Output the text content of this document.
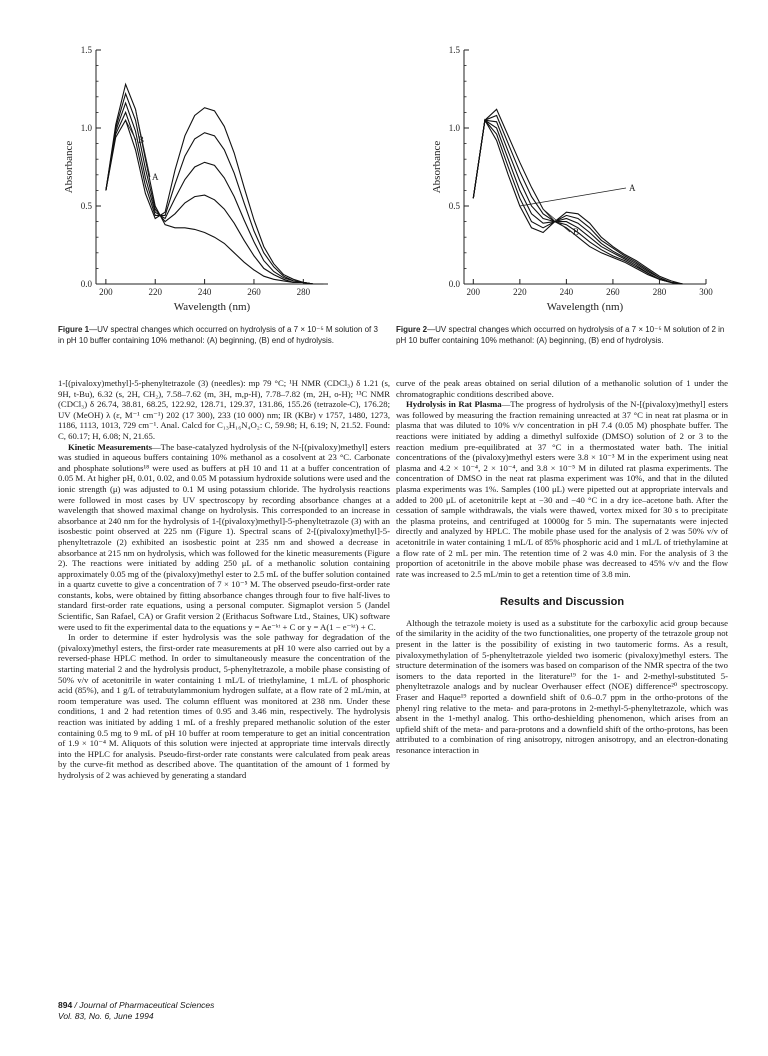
0.0
0.5
1.0
1.5
200	220	240	260	280
Wavelength (nm)
Absorbance	A
B
0.0
0.5
1.0
1.5
200	220	240	260	280	300
Wavelength (nm)
Absorbance	A
B
Figure 1—UV spectral changes which occurred on hydrolysis of a 7 × 10⁻⁵ M solution of 3 in pH 10 buffer containing 10% methanol: (A) beginning, (B) end of hydrolysis.
Figure 2—UV spectral changes which occurred on hydrolysis of a 7 × 10⁻⁵ M solution of 2 in pH 10 buffer containing 10% methanol: (A) beginning, (B) end of hydrolysis.

1-[(pivaloxy)methyl]-5-phenyltetrazole (3) (needles): mp 79 °C; ¹H NMR (CDCl₃) δ 1.21 (s, 9H, t-Bu), 6.32 (s, 2H, CH₂), 7.58–7.62 (m, 3H, m,p-H), 7.78–7.82 (m, 2H, o-H); ¹³C NMR (CDCl₃) δ 26.74, 38.81, 68.25, 122.92, 128.71, 129.37, 131.86, 155.26 (tetrazole-C), 176.28; UV (MeOH) λ (ε, M⁻¹ cm⁻¹) 202 (17 300), 233 (10 000) nm; IR (KBr) ν 1757, 1480, 1273, 1186, 1113, 1013, 729 cm⁻¹. Anal. Calcd for C₁₃H₁₆N₄O₂: C, 59.98; H, 6.19; N, 21.52. Found: C, 60.17; H, 6.08; N, 21.65.

Kinetic Measurements—The base-catalyzed hydrolysis of the N-[(pivaloxy)methyl] esters was studied in aqueous buffers containing 10% methanol as a cosolvent at 23 °C. Carbonate and phosphate solutions¹⁸ were used as buffers at pH 10 and 11 at a buffer concentration of 0.05 M. At higher pH, 0.01, 0.02, and 0.05 M potassium hydroxide solutions were used and the ionic strength (μ) was adjusted to 0.1 M using potassium chloride. The hydrolysis reactions were followed in most cases by UV spectroscopy by recording absorbance changes at a wavelength that showed maximal change on hydrolysis. This corresponded to an increase in absorbance at 240 nm for the hydrolysis of 1-[(pivaloxy)methyl]-5-phenyltetrazole (3) with an isosbestic point observed at 225 nm (Figure 1). Spectral scans of 2-[(pivaloxy)methyl]-5-phenyltetrazole (2) exhibited an isosbestic point at 235 nm and showed a decrease in absorbance at 215 nm on hydrolysis, which was followed for the kinetic measurements (Figure 2). The reactions were initiated by adding 250 μL of a methanolic solution containing approximately 0.05 mg of the (pivaloxy)methyl ester to 2.5 mL of the buffer solution contained in a quartz cuvette to give a concentration of 7 × 10⁻⁵ M. The observed pseudo-first-order rate constants, kobs, were obtained by fitting absorbance changes through four to five half-lives to standard first-order rate equations, using a personal computer. Sigmaplot version 5 (Jandel Scientific, San Rafael, CA) or Grafit version 2 (Erithacus Software Ltd., Staines, UK) software were used to fit the experimental data to the equations y = Ae⁻ᵏᵗ + C or y = A(1 − e⁻ᵏᵗ) + C.

In order to determine if ester hydrolysis was the sole pathway for degradation of the (pivaloxy)methyl esters, the first-order rate measurements at pH 10 were also carried out by a reversed-phase HPLC method. In order to simultaneously measure the concentration of the starting material 2 and the hydrolysis product, 5-phenyltetrazole, a mobile phase consisting of 50% v/v of acetonitrile in water containing 1 mL/L of triethylamine, 1 mL/L of phosphoric acid (85%), and 1 g/L of tetrabutylammonium hydrogen sulfate, at a flow rate of 2 mL/min, at room temperature was used. The column effluent was monitored at 238 nm. Under these conditions, 1 and 2 had retention times of 0.95 and 3.46 min, respectively. The hydrolysis reaction was initiated by adding 1 mL of a freshly prepared methanolic solution of the ester containing 0.5 mg to 9 mL of pH 10 buffer at room temperature to get an initial concentration of 1.9 × 10⁻⁴ M. Aliquots of this solution were injected at appropriate time intervals directly into the HPLC for analysis. Pseudo-first-order rate constants were calculated from peak areas by the curve-fit method as described above. The quantitation of the amount of 1 formed by hydrolysis of 2 was achieved by generating a standard

curve of the peak areas obtained on serial dilution of a methanolic solution of 1 under the chromatographic conditions described above.

Hydrolysis in Rat Plasma—The progress of hydrolysis of the N-[(pivaloxy)methyl] esters was followed by measuring the fraction remaining unreacted at 37 °C in neat rat plasma or in plasma that was diluted to 10% v/v concentration in pH 7.4 (0.05 M) phosphate buffer. The reactions were initiated by adding a dimethyl sulfoxide (DMSO) solution of 2 or 3 to the reaction medium pre-equilibrated at 37 °C in a thermostated water bath. The initial concentrations of the (pivaloxy)methyl esters were 3.8 × 10⁻³ M in the experiment using neat plasma and 4.2 × 10⁻⁴, 2 × 10⁻⁴, and 3.8 × 10⁻⁵ M in diluted rat plasma experiments. The concentration of DMSO in the neat rat plasma experiment was 10%, and that in the diluted plasma experiments was 1%. Samples (100 μL) were pipetted out at appropriate intervals and added to 200 μL of acetonitrile kept at −30 and −40 °C in a dry ice–acetone bath. After the cessation of sample withdrawals, the vials were thawed, vortex mixed for 30 s to precipitate the plasma proteins, and centrifuged at 10000g for 5 min. The supernatants were injected directly and analyzed by HPLC. The mobile phase used for the analysis of 2 was 50% v/v of acetonitrile in water containing 1 mL/L of 85% phosphoric acid and 1 mL/L of triethylamine at a flow rate of 2 mL per min. The retention time of 2 was 4.0 min. For the analysis of 3 the proportion of acetonitrile in the above mobile phase was decreased to 45% v/v and the flow rate was increased to 2.5 mL/min to get a retention time of 3.8 min.

Results and Discussion

Although the tetrazole moiety is used as a substitute for the carboxylic acid group because of the similarity in the acidity of the two functionalities, one property of the tetrazole group not present in the latter is the possibility of existing in two tautomeric forms. As a result, pivaloxymethylation of 5-phenyltetrazole yielded two isomeric (pivaloxy)methyl esters. The structure determination of the isomers was based on comparison of the NMR spectra of the two isomers to the data reported in the literature¹⁹ for the 1- and 2-methyl-substituted 5-phenyltetrazole analogs and by nuclear Overhauser effect (NOE) difference²⁰ spectroscopy. Fraser and Haque¹⁹ reported a downfield shift of 0.6–0.7 ppm in the ortho-protons of the phenyl ring relative to the meta- and para-protons in 2-methyl-5-phenyltetrazole, which was absent in the 1-methyl analog. This ortho-deshielding phenomenon, which arises from an upfield shift of the meta- and para-protons and a downfield shift of the ortho-protons, has been attributed to a combination of ring anisotropy, nitrogen anisotropy, and an electron-donating resonance interaction in

894 / Journal of Pharmaceutical Sciences
Vol. 83, No. 6, June 1994
